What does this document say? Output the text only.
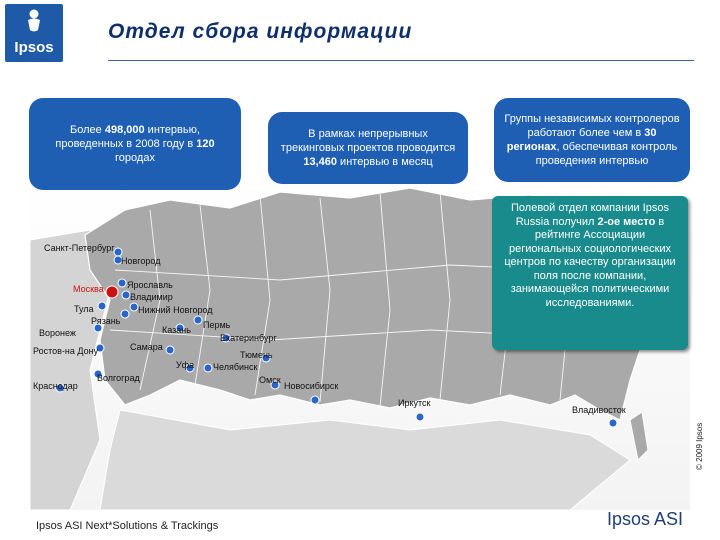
Ipsos
Отдел сбора информации
Санкт-Петербург
Новгород
Москва	Ярославль
Владимир
Тула	Нижний Новгород
Рязань
Казань Пермь
Воронеж
Самара
Екатеринбург
Ростов-на Дону	Тюмень
Уфа Челябинск
Волгоград	Омск
Краснодар	Новосибирск
Иркутск
Владивосток
Более 498,000 интервью, проведенных в 2008 году в 120 городах
В рамках непрерывных трекинговых проектов проводится 13,460 интервью в месяц
Группы независимых контролеров работают более чем в 30 регионах, обеспечивая контроль проведения интервью
Полевой отдел компании Ipsos Russia получил 2-ое место в рейтинге Ассоциации региональных социологических центров по качеству организации поля после компании, занимающейся политическими исследованиями.
© 2009 Ipsos
Ipsos ASI Next*Solutions & Trackings	Ipsos ASI
